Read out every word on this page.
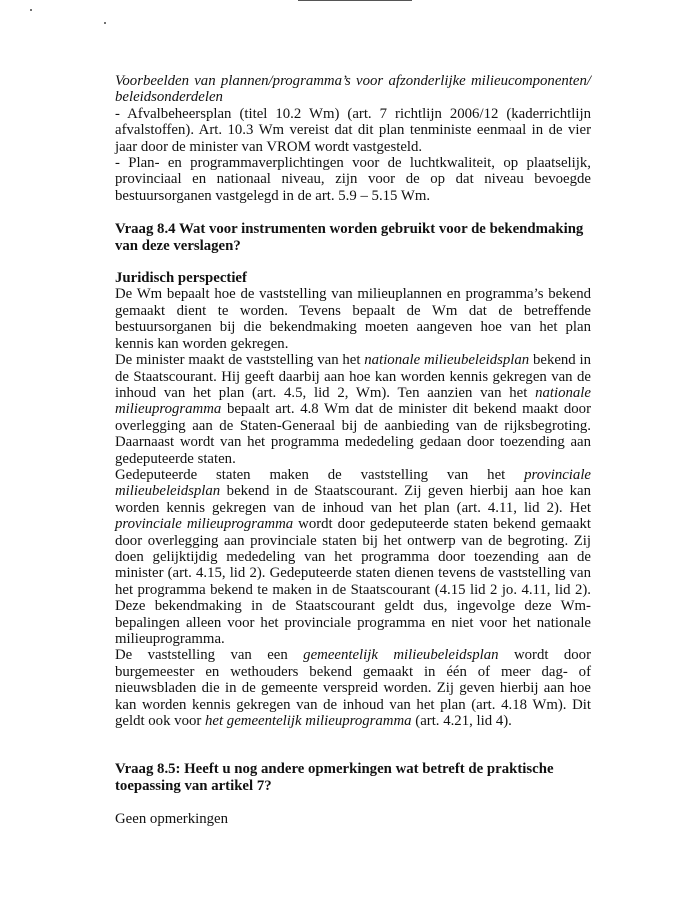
Voorbeelden van plannen/programma’s voor afzonderlijke milieucomponenten/ beleidsonderdelen

- Afvalbeheersplan (titel 10.2 Wm) (art. 7 richtlijn 2006/12 (kaderrichtlijn afvalstoffen). Art. 10.3 Wm vereist dat dit plan tenministe eenmaal in de vier jaar door de minister van VROM wordt vastgesteld.

- Plan- en programmaverplichtingen voor de luchtkwaliteit, op plaatselijk, provinciaal en nationaal niveau, zijn voor de op dat niveau bevoegde bestuursorganen vastgelegd in de art. 5.9 – 5.15 Wm.

Vraag 8.4 Wat voor instrumenten worden gebruikt voor de bekendmaking van deze verslagen?
Juridisch perspectief

De Wm bepaalt hoe de vaststelling van milieuplannen en programma’s bekend gemaakt dient te worden. Tevens bepaalt de Wm dat de betreffende bestuursorganen bij die bekendmaking moeten aangeven hoe van het plan kennis kan worden gekregen.

De minister maakt de vaststelling van het nationale milieubeleidsplan bekend in de Staatscourant. Hij geeft daarbij aan hoe kan worden kennis gekregen van de inhoud van het plan (art. 4.5, lid 2, Wm). Ten aanzien van het nationale milieuprogramma bepaalt art. 4.8 Wm dat de minister dit bekend maakt door overlegging aan de Staten-Generaal bij de aanbieding van de rijksbegroting. Daarnaast wordt van het programma mededeling gedaan door toezending aan gedeputeerde staten.

Gedeputeerde staten maken de vaststelling van het provinciale milieubeleidsplan bekend in de Staatscourant. Zij geven hierbij aan hoe kan worden kennis gekregen van de inhoud van het plan (art. 4.11, lid 2). Het provinciale milieuprogramma wordt door gedeputeerde staten bekend gemaakt door overlegging aan provinciale staten bij het ontwerp van de begroting. Zij doen gelijktijdig mededeling van het programma door toezending aan de minister (art. 4.15, lid 2). Gedeputeerde staten dienen tevens de vaststelling van het programma bekend te maken in de Staatscourant (4.15 lid 2 jo. 4.11, lid 2). Deze bekendmaking in de Staatscourant geldt dus, ingevolge deze Wm-bepalingen alleen voor het provinciale programma en niet voor het nationale milieuprogramma.

De vaststelling van een gemeentelijk milieubeleidsplan wordt door burgemeester en wethouders bekend gemaakt in één of meer dag- of nieuwsbladen die in de gemeente verspreid worden. Zij geven hierbij aan hoe kan worden kennis gekregen van de inhoud van het plan (art. 4.18 Wm). Dit geldt ook voor het gemeentelijk milieuprogramma (art. 4.21, lid 4).

Vraag 8.5: Heeft u nog andere opmerkingen wat betreft de praktische toepassing van artikel 7?

Geen opmerkingen
